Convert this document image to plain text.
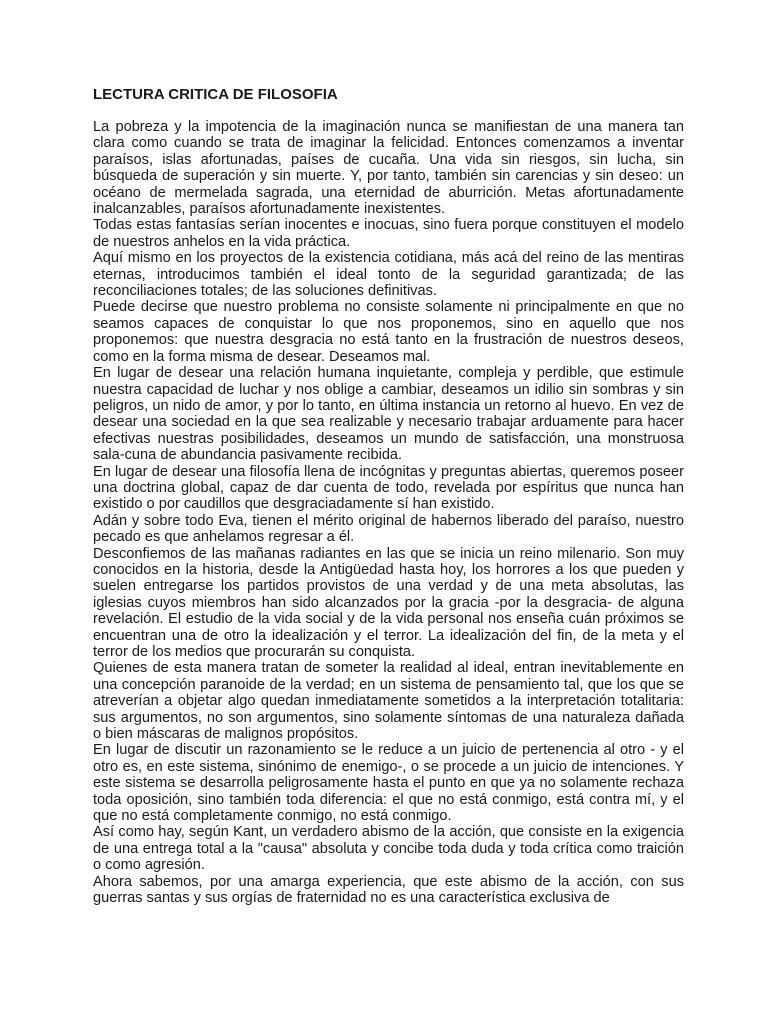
LECTURA CRITICA DE FILOSOFIA

La pobreza y la impotencia de la imaginación nunca se manifiestan de una manera tan clara como cuando se trata de imaginar la felicidad. Entonces comenzamos a inventar paraísos, islas afortunadas, países de cucaña. Una vida sin riesgos, sin lucha, sin búsqueda de superación y sin muerte. Y, por tanto, también sin carencias y sin deseo: un océano de mermelada sagrada, una eternidad de aburrición. Metas afortunadamente inalcanzables, paraísos afortunadamente inexistentes.

Todas estas fantasías serían inocentes e inocuas, sino fuera porque constituyen el modelo de nuestros anhelos en la vida práctica.

Aquí mismo en los proyectos de la existencia cotidiana, más acá del reino de las mentiras eternas, introducimos también el ideal tonto de la seguridad garantizada; de las reconciliaciones totales; de las soluciones definitivas.

Puede decirse que nuestro problema no consiste solamente ni principalmente en que no seamos capaces de conquistar lo que nos proponemos, sino en aquello que nos proponemos: que nuestra desgracia no está tanto en la frustración de nuestros deseos, como en la forma misma de desear. Deseamos mal.

En lugar de desear una relación humana inquietante, compleja y perdible, que estimule nuestra capacidad de luchar y nos oblige a cambiar, deseamos un idilio sin sombras y sin peligros, un nido de amor, y por lo tanto, en última instancia un retorno al huevo. En vez de desear una sociedad en la que sea realizable y necesario trabajar arduamente para hacer efectivas nuestras posibilidades, deseamos un mundo de satisfacción, una monstruosa sala-cuna de abundancia pasivamente recibida.

En lugar de desear una filosofía llena de incógnitas y preguntas abiertas, queremos poseer una doctrina global, capaz de dar cuenta de todo, revelada por espíritus que nunca han existido o por caudillos que desgraciadamente sí han existido.

Adán y sobre todo Eva, tienen el mérito original de habernos liberado del paraíso, nuestro pecado es que anhelamos regresar a él.

Desconfiemos de las mañanas radiantes en las que se inicia un reino milenario. Son muy conocidos en la historia, desde la Antigüedad hasta hoy, los horrores a los que pueden y suelen entregarse los partidos provistos de una verdad y de una meta absolutas, las iglesias cuyos miembros han sido alcanzados por la gracia -por la desgracia- de alguna revelación. El estudio de la vida social y de la vida personal nos enseña cuán próximos se encuentran una de otro la idealización y el terror. La idealización del fin, de la meta y el terror de los medios que procurarán su conquista.

Quienes de esta manera tratan de someter la realidad al ideal, entran inevitablemente en una concepción paranoide de la verdad; en un sistema de pensamiento tal, que los que se atreverían a objetar algo quedan inmediatamente sometidos a la interpretación totalitaria: sus argumentos, no son argumentos, sino solamente síntomas de una naturaleza dañada o bien máscaras de malignos propósitos.

En lugar de discutir un razonamiento se le reduce a un juicio de pertenencia al otro - y el otro es, en este sistema, sinónimo de enemigo-, o se procede a un juicio de intenciones. Y este sistema se desarrolla peligrosamente hasta el punto en que ya no solamente rechaza toda oposición, sino también toda diferencia: el que no está conmigo, está contra mí, y el que no está completamente conmigo, no está conmigo.

Así como hay, según Kant, un verdadero abismo de la acción, que consiste en la exigencia de una entrega total a la "causa" absoluta y concibe toda duda y toda crítica como traición o como agresión.

Ahora sabemos, por una amarga experiencia, que este abismo de la acción, con sus guerras santas y sus orgías de fraternidad no es una característica exclusiva de
